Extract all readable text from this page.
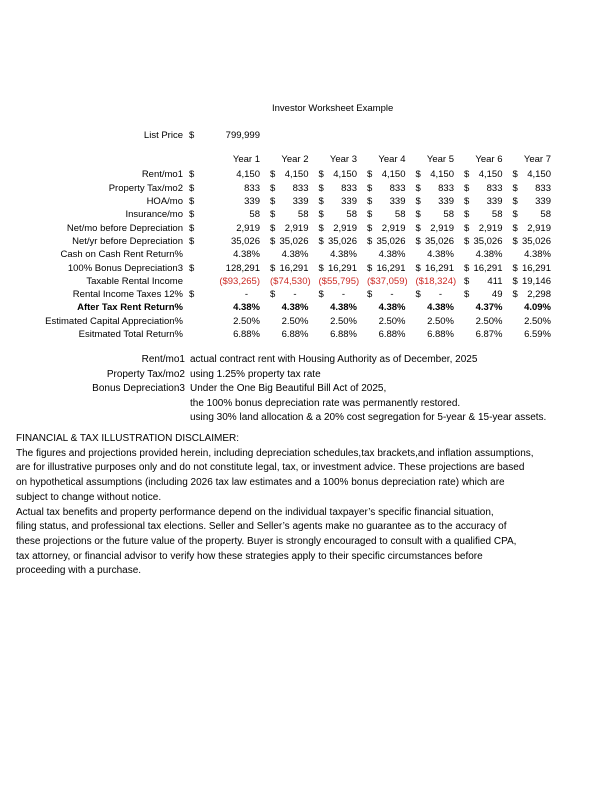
Investor Worksheet Example
List Price $	799,999
Year 1	Year 2	Year 3	Year 4	Year 5	Year 6	Year 7
Rent/mo1 $	4,150 $ 4,150 $ 4,150 $ 4,150 $ 4,150 $ 4,150 $ 4,150
Property Tax/mo2 $	833 $ 833 $ 833 $ 833 $ 833 $ 833 $ 833
HOA/mo $	339 $ 339 $ 339 $ 339 $ 339 $ 339 $ 339
Insurance/mo $	58 $ 58 $ 58 $ 58 $ 58 $ 58 $ 58
Net/mo before Depreciation $	2,919 $ 2,919 $ 2,919 $ 2,919 $ 2,919 $ 2,919 $ 2,919
Net/yr before Depreciation $	35,026 $ 35,026 $ 35,026 $ 35,026 $ 35,026 $ 35,026 $ 35,026
Cash on Cash Rent Return%	4.38% 4.38% 4.38% 4.38% 4.38% 4.38% 4.38%
100% Bonus Depreciation3 $	128,291 $ 16,291 $ 16,291 $ 16,291 $ 16,291 $ 16,291 $ 16,291
Taxable Rental Income	($93,265) ($74,530) ($55,795) ($37,059) ($18,324) $ 411 $ 19,146
Rental Income Taxes 12% $	-	$ -	$ -	$ -	$ -	$ 49 $ 2,298
After Tax Rent Return%	4.38% 4.38% 4.38% 4.38% 4.38% 4.37% 4.09%
Estimated Capital Appreciation%	2.50% 2.50% 2.50% 2.50% 2.50% 2.50% 2.50%
Esitmated Total Return%	6.88% 6.88% 6.88% 6.88% 6.88% 6.87% 6.59%
Rent/mo1 actual contract rent with Housing Authority as of December, 2025
Property Tax/mo2 using 1.25% property tax rate
Bonus Depreciation3 Under the One Big Beautiful Bill Act of 2025,
the 100% bonus depreciation rate was permanently restored.
using 30% land allocation & a 20% cost segregation for 5-year & 15-year assets.
FINANCIAL & TAX ILLUSTRATION DISCLAIMER:
The figures and projections provided herein, including depreciation schedules,tax brackets,and inflation assumptions,
are for illustrative purposes only and do not constitute legal, tax, or investment advice. These projections are based
on hypothetical assumptions (including 2026 tax law estimates and a 100% bonus depreciation rate) which are
subject to change without notice.
Actual tax benefits and property performance depend on the individual taxpayer’s specific financial situation,
filing status, and professional tax elections. Seller and Seller’s agents make no guarantee as to the accuracy of
these projections or the future value of the property. Buyer is strongly encouraged to consult with a qualified CPA,
tax attorney, or financial advisor to verify how these strategies apply to their specific circumstances before
proceeding with a purchase.
